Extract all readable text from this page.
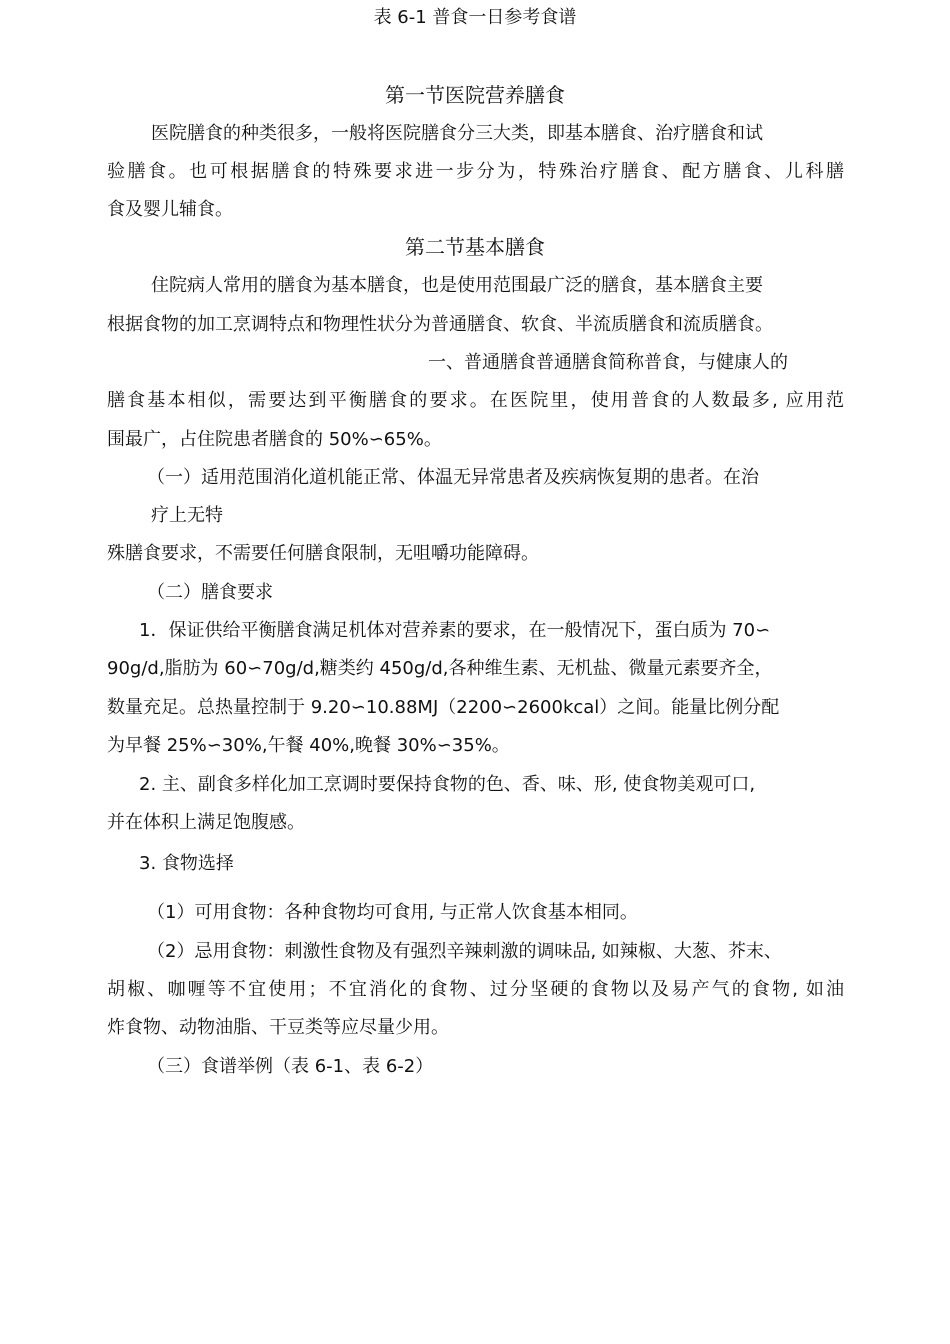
表 6-1 普食一日参考食谱

第一节医院营养膳食

医院膳食的种类很多，一般将医院膳食分三大类，即基本膳食、治疗膳食和试

验膳食。也可根据膳食的特殊要求进一步分为，特殊治疗膳食、配方膳食、儿科膳

食及婴儿辅食。

第二节基本膳食

住院病人常用的膳食为基本膳食，也是使用范围最广泛的膳食，基本膳食主要

根据食物的加工烹调特点和物理性状分为普通膳食、软食、半流质膳食和流质膳食。

一、普通膳食普通膳食简称普食，与健康人的

膳食基本相似，需要达到平衡膳食的要求。在医院里，使用普食的人数最多, 应用范

围最广，占住院患者膳食的 50%∽65%。

（一）适用范围消化道机能正常、体温无异常患者及疾病恢复期的患者。在治

疗上无特

殊膳食要求，不需要任何膳食限制，无咀嚼功能障碍。

（二）膳食要求

1．保证供给平衡膳食满足机体对营养素的要求，在一般情况下，蛋白质为 70∽

90g/d,脂肪为 60∽70g/d,糖类约 450g/d,各种维生素、无机盐、微量元素要齐全，

数量充足。总热量控制于 9.20∽10.88MJ（2200∽2600kcal）之间。能量比例分配

为早餐 25%∽30%,午餐 40%,晚餐 30%∽35%。

2. 主、副食多样化加工烹调时要保持食物的色、香、味、形, 使食物美观可口,

并在体积上满足饱腹感。

3. 食物选择

（1）可用食物：各种食物均可食用, 与正常人饮食基本相同。

（2）忌用食物：刺激性食物及有强烈辛辣刺激的调味品, 如辣椒、大葱、芥末、

胡椒、咖喱等不宜使用；不宜消化的食物、过分坚硬的食物以及易产气的食物, 如油

炸食物、动物油脂、干豆类等应尽量少用。

（三）食谱举例（表 6-1、表 6-2）
